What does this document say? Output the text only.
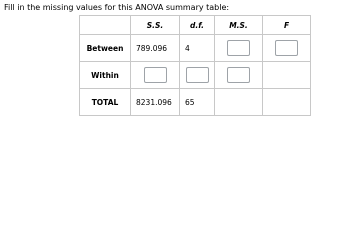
Fill in the missing values for this ANOVA summary table:
	S.S.	d.f.	M.S.	F
Between	789.096	4		
Within				
TOTAL	8231.096	65		
